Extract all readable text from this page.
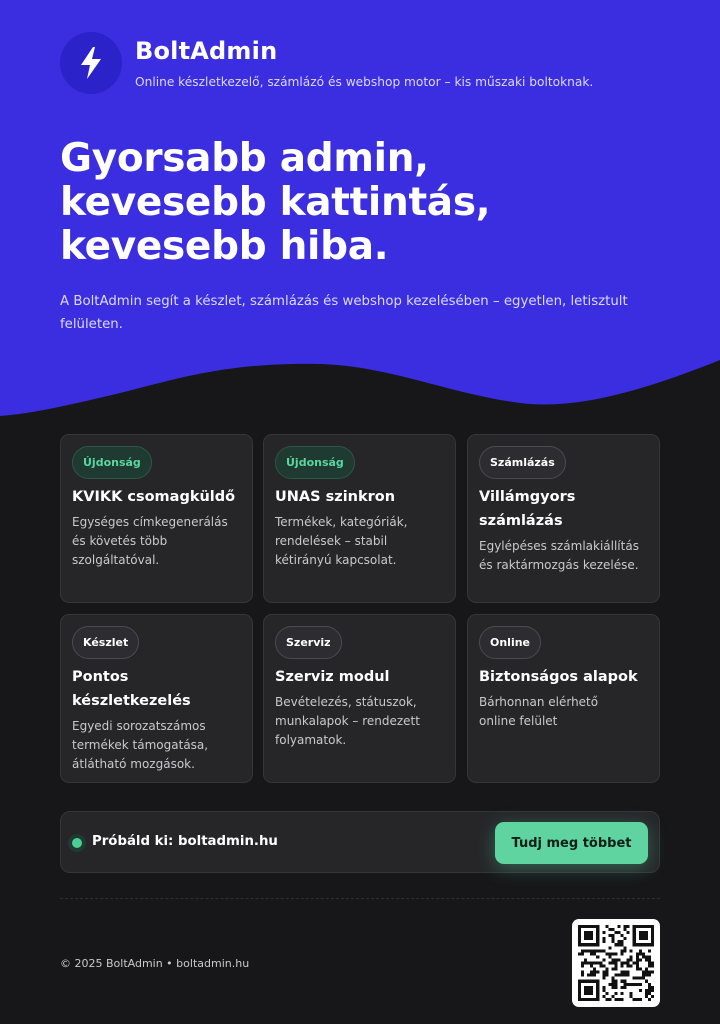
BoltAdmin
Online készletkezelő, számlázó és webshop motor – kis műszaki boltoknak.
Gyorsabb admin,
kevesebb kattintás,
kevesebb hiba.
A BoltAdmin segít a készlet, számlázás és webshop kezelésében – egyetlen, letisztult felületen.
Újdonság
KVIKK csomagküldő
Egységes címkegenerálás és követés több szolgáltatóval.
Újdonság
UNAS szinkron
Termékek, kategóriák, rendelések – stabil kétirányú kapcsolat.
Számlázás
Villámgyors számlázás
Egylépéses számlakiállítás és raktármozgás kezelése.
Készlet
Pontos készletkezelés
Egyedi sorozatszámos termékek támogatása, átlátható mozgások.
Szerviz
Szerviz modul
Bevételezés, státuszok, munkalapok – rendezett folyamatok.
Online
Biztonságos alapok
Bárhonnan elérhető online felület
Próbáld ki: boltadmin.hu	Tudj meg többet
© 2025 BoltAdmin • boltadmin.hu
